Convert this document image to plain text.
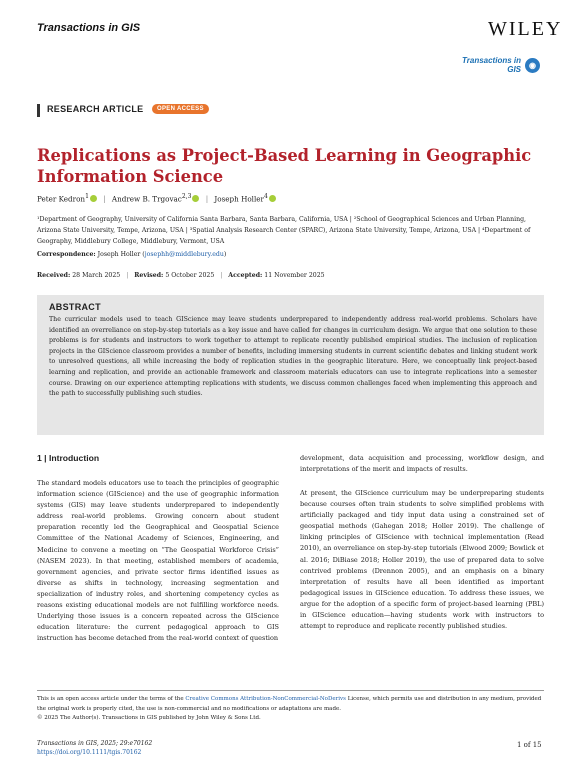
Transactions in GIS	WILEY
Transactions in GIS	◉
RESEARCH ARTICLE	OPEN ACCESS
Replications as Project-Based Learning in Geographic Information Science
Peter Kedron$^1$ | Andrew B. Trgovac$^{2,3}$ | Joseph Holler$^4$
¹Department of Geography, University of California Santa Barbara, Santa Barbara, California, USA | ²School of Geographical Sciences and Urban Planning, Arizona State University, Tempe, Arizona, USA | ³Spatial Analysis Research Center (SPARC), Arizona State University, Tempe, Arizona, USA | ⁴Department of Geography, Middlebury College, Middlebury, Vermont, USA
Correspondence: Joseph Holler (josephh@middlebury.edu)
Received: 28 March 2025 | Revised: 5 October 2025 | Accepted: 11 November 2025
ABSTRACT
The curricular models used to teach GIScience may leave students underprepared to independently address real-world problems. Scholars have identified an overreliance on step-by-step tutorials as a key issue and have called for changes in curriculum design. We argue that one solution to these problems is for students and instructors to work together to attempt to replicate recently published empirical studies. The inclusion of replication projects in the GIScience classroom provides a number of benefits, including immersing students in current scientific debates and linking student work to unresolved questions, all while increasing the body of replication studies in the geographic literature. Here, we conceptually link project-based learning and replication, and provide an actionable framework and classroom materials educators can use to integrate replications into a semester course. Drawing on our experience attempting replications with students, we discuss common challenges faced when implementing this approach and the path to successfully publishing such studies.
1 | Introduction
The standard models educators use to teach the principles of geographic information science (GIScience) and the use of geographic information systems (GIS) may leave students underprepared to independently address real-world problems. Growing concern about student preparation recently led the Geographical and Geospatial Science Committee of the National Academy of Sciences, Engineering, and Medicine to convene a meeting on “The Geospatial Workforce Crisis” (NASEM 2023). In that meeting, established members of academia, government agencies, and private sector firms identified issues as diverse as shifts in technology, increasing segmentation and specialization of industry roles, and shortening competency cycles as reasons existing educational models are not fulfilling workforce needs. Underlying those issues is a concern repeated across the GIScience education literature: the current pedagogical approach to GIS instruction has become detached from the real-world context of question
development, data acquisition and processing, workflow design, and interpretations of the merit and impacts of results.
At present, the GIScience curriculum may be underpreparing students because courses often train students to solve simplified problems with artificially packaged and tidy input data using a constrained set of geospatial methods (Gahegan 2018; Holler 2019). The challenge of linking principles of GIScience with technical implementation (Read 2010), an overreliance on step-by-step tutorials (Elwood 2009; Bowlick et al. 2016; DiBiase 2018; Holler 2019), the use of prepared data to solve contrived problems (Drennon 2005), and an emphasis on a binary interpretation of results have all been identified as important pedagogical issues in GIScience education. To address these issues, we argue for the adoption of a specific form of project-based learning (PBL) in GIScience education—having students work with instructors to attempt to reproduce and replicate recently published studies.
This is an open access article under the terms of the Creative Commons Attribution-NonCommercial-NoDerivs License, which permits use and distribution in any medium, provided the original work is properly cited, the use is non-commercial and no modifications or adaptations are made.
© 2025 The Author(s). Transactions in GIS published by John Wiley & Sons Ltd.
Transactions in GIS, 2025; 29:e70162
https://doi.org/10.1111/tgis.70162
1 of 15
